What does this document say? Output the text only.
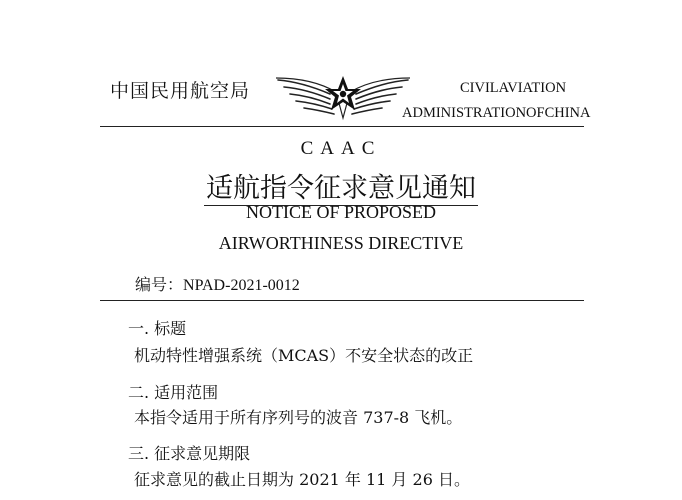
中国民用航空局	CIVILAVIATION
ADMINISTRATIONOFCHINA
CAAC
适航指令征求意见通知
NOTICE OF PROPOSED
AIRWORTHINESS DIRECTIVE
编号：NPAD-2021-0012
一. 标题
机动特性增强系统（MCAS）不安全状态的改正
二. 适用范围
本指令适用于所有序列号的波音 737-8 飞机。
三. 征求意见期限
征求意见的截止日期为 2021 年 11 月 26 日。
